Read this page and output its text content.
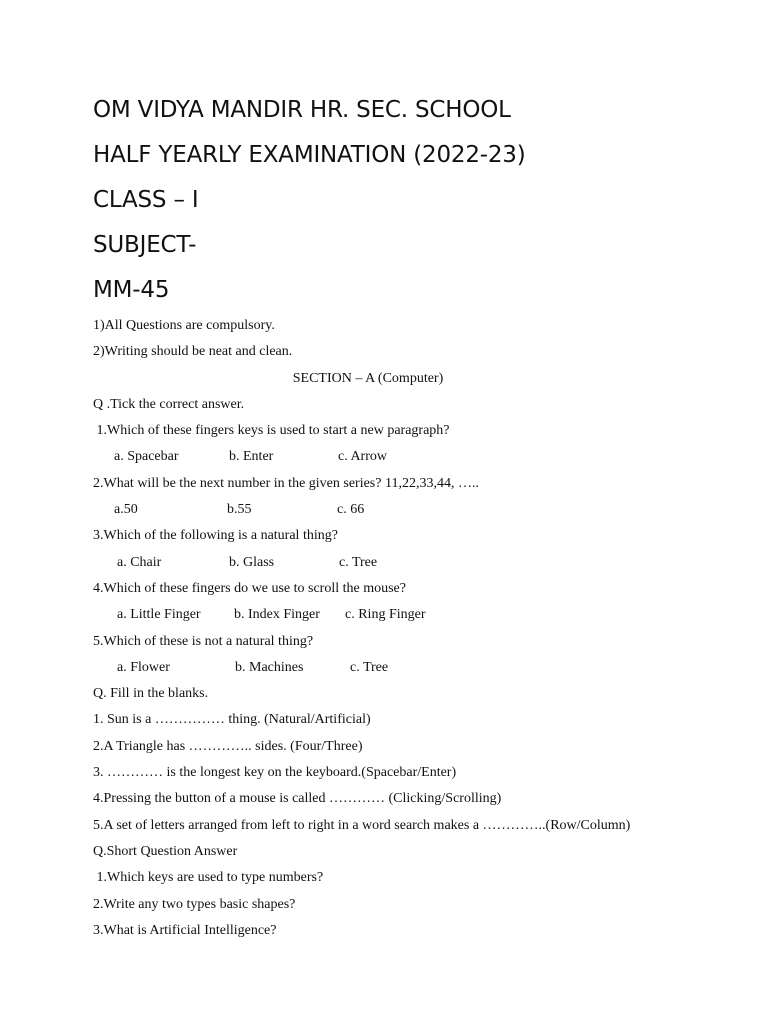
OM VIDYA MANDIR HR. SEC. SCHOOL
HALF YEARLY EXAMINATION (2022-23)
CLASS – I
SUBJECT-
MM-45
1)All Questions are compulsory.
2)Writing should be neat and clean.
SECTION – A (Computer)
Q .Tick the correct answer.
1.Which of these fingers keys is used to start a new paragraph?
a. Spacebar	b. Enter	c. Arrow
2.What will be the next number in the given series? 11,22,33,44, …..
a.50	b.55	c. 66
3.Which of the following is a natural thing?
a. Chair	b. Glass	c. Tree
4.Which of these fingers do we use to scroll the mouse?
a. Little Finger b. Index Finger c. Ring Finger
5.Which of these is not a natural thing?
a. Flower	b. Machines	c. Tree
Q. Fill in the blanks.
1. Sun is a …………… thing. (Natural/Artificial)
2.A Triangle has ………….. sides. (Four/Three)
3. ………… is the longest key on the keyboard.(Spacebar/Enter)
4.Pressing the button of a mouse is called ………… (Clicking/Scrolling)
5.A set of letters arranged from left to right in a word search makes a …………..(Row/Column)
Q.Short Question Answer
1.Which keys are used to type numbers?
2.Write any two types basic shapes?
3.What is Artificial Intelligence?
